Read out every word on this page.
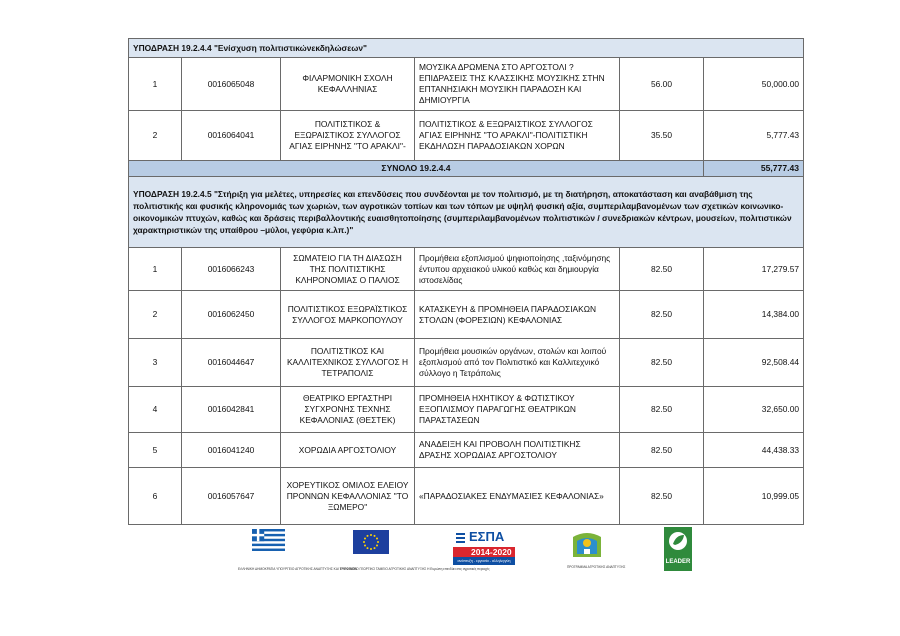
ΥΠΟΔΡΑΣΗ 19.2.4.4 "Ενίσχυση πολιτιστικώνεκδηλώσεων"					
1	0016065048	ΦΙΛΑΡΜΟΝΙΚΗ ΣΧΟΛΗ ΚΕΦΑΛΛΗΝΙΑΣ	ΜΟΥΣΙΚΑ ΔΡΩΜΕΝΑ ΣΤΟ ΑΡΓΟΣΤΟΛΙ ? ΕΠΙΔΡΑΣΕΙΣ ΤΗΣ ΚΛΑΣΣΙΚΗΣ ΜΟΥΣΙΚΗΣ ΣΤΗΝ ΕΠΤΑΝΗΣΙΑΚΗ ΜΟΥΣΙΚΗ ΠΑΡΑΔΟΣΗ ΚΑΙ ΔΗΜΙΟΥΡΓΙΑ	56.00	50,000.00
2	0016064041	ΠΟΛΙΤΙΣΤΙΚΟΣ & ΕΞΩΡΑΙΣΤΙΚΟΣ ΣΥΛΛΟΓΟΣ ΑΓΙΑΣ ΕΙΡΗΝΗΣ "ΤΟ ΑΡΑΚΛΙ"-	ΠΟΛΙΤΙΣΤΙΚΟΣ & ΕΞΩΡΑΙΣΤΙΚΟΣ ΣΥΛΛΟΓΟΣ ΑΓΙΑΣ ΕΙΡΗΝΗΣ "ΤΟ ΑΡΑΚΛΙ"-ΠΟΛΙΤΙΣΤΙΚΗ ΕΚΔΗΛΩΣΗ ΠΑΡΑΔΟΣΙΑΚΩΝ ΧΟΡΩΝ	35.50	5,777.43
ΣΥΝΟΛΟ 19.2.4.4					55,777.43
ΥΠΟΔΡΑΣΗ 19.2.4.5 "Στήριξη για μελέτες, υπηρεσίες και επενδύσεις που συνδέονται με τον πολιτισμό, με τη διατήρηση, αποκατάσταση και αναβάθμιση της πολιτιστικής και φυσικής κληρονομιάς των χωριών, των αγροτικών τοπίων και των τόπων με υψηλή φυσική αξία, συμπεριλαμβανομένων των σχετικών κοινωνικο-οικονομικών πτυχών, καθώς και δράσεις περιβαλλοντικής ευαισθητοποίησης (συμπεριλαμβανομένων πολιτιστικών / συνεδριακών κέντρων, μουσείων, πολιτιστικών χαρακτηριστικών της υπαίθρου –μύλοι, γεφύρια κ.λπ.)"					
1	0016066243	ΣΩΜΑΤΕΙΟ ΓΙΑ ΤΗ ΔΙΑΣΩΣΗ ΤΗΣ ΠΟΛΙΤΙΣΤΙΚΗΣ ΚΛΗΡΟΝΟΜΙΑΣ Ο ΠΑΛΙΟΣ	Προμήθεια εξοπλισμού ψηφιοποίησης ,ταξινόμησης έντυπου αρχειακού υλικού καθώς και δημιουργία ιστοσελίδας	82.50	17,279.57
2	0016062450	ΠΟΛΙΤΙΣΤΙΚΟΣ ΕΞΩΡΑΪΣΤΙΚΟΣ ΣΥΛΛΟΓΟΣ ΜΑΡΚΟΠΟΥΛΟΥ	ΚΑΤΑΣΚΕΥΗ & ΠΡΟΜΗΘΕΙΑ ΠΑΡΑΔΟΣΙΑΚΩΝ ΣΤΟΛΩΝ (ΦΟΡΕΣΙΩΝ) ΚΕΦΑΛΟΝΙΑΣ	82.50	14,384.00
3	0016044647	ΠΟΛΙΤΙΣΤΙΚΟΣ ΚΑΙ ΚΑΛΛΙΤΕΧΝΙΚΟΣ ΣΥΛΛΟΓΟΣ Η ΤΕΤΡΑΠΟΛΙΣ	Προμήθεια μουσικών οργάνων, στολών και λοιπού εξοπλισμού από τον Πολιτιστικό και Καλλιτεχνικό σύλλογο η Τετράπολις	82.50	92,508.44
4	0016042841	ΘΕΑΤΡΙΚΟ ΕΡΓΑΣΤΗΡΙ ΣΥΓΧΡΟΝΗΣ ΤΕΧΝΗΣ ΚΕΦΑΛΟΝΙΑΣ (ΘΕΣΤΕΚ)	ΠΡΟΜΗΘΕΙΑ ΗΧΗΤΙΚΟΥ & ΦΩΤΙΣΤΙΚΟΥ ΕΞΟΠΛΙΣΜΟΥ ΠΑΡΑΓΩΓΗΣ ΘΕΑΤΡΙΚΩΝ ΠΑΡΑΣΤΑΣΕΩΝ	82.50	32,650.00
5	0016041240	ΧΟΡΩΔΙΑ ΑΡΓΟΣΤΟΛΙΟΥ	ΑΝΑΔΕΙΞΗ ΚΑΙ ΠΡΟΒΟΛΗ ΠΟΛΙΤΙΣΤΙΚΗΣ ΔΡΑΣΗΣ ΧΟΡΩΔΙΑΣ ΑΡΓΟΣΤΟΛΙΟΥ	82.50	44,438.33
6	0016057647	ΧΟΡΕΥΤΙΚΟΣ ΟΜΙΛΟΣ ΕΛΕΙΟΥ ΠΡΟΝΝΩΝ ΚΕΦΑΛΛΟΝΙΑΣ "ΤΟ ΞΩΜΕΡΟ"	«ΠΑΡΑΔΟΣΙΑΚΕΣ ΕΝΔΥΜΑΣΙΕΣ ΚΕΦΑΛΟΝΙΑΣ»	82.50	10,999.05
ΕΛΛΗΝΙΚΗ ΔΗΜΟΚΡΑΤΙΑ ΥΠΟΥΡΓΕΙΟ ΑΓΡΟΤΙΚΗΣ ΑΝΑΠΤΥΞΗΣ ΚΑΙ ΤΡΟΦΙΜΩΝ
ΕΥΡΩΠΑΪΚΟ ΓΕΩΡΓΙΚΟ ΤΑΜΕΙΟ ΑΓΡΟΤΙΚΗΣ ΑΝΑΠΤΥΞΗΣ Η Ευρώπη επενδύει στις αγροτικές περιοχές
ΕΣΠΑ
2014-2020
ανάπτυξη - εργασία - αλληλεγγύη
ΠΡΟΓΡΑΜΜΑ ΑΓΡΟΤΙΚΗΣ ΑΝΑΠΤΥΞΗΣ
LEADER
